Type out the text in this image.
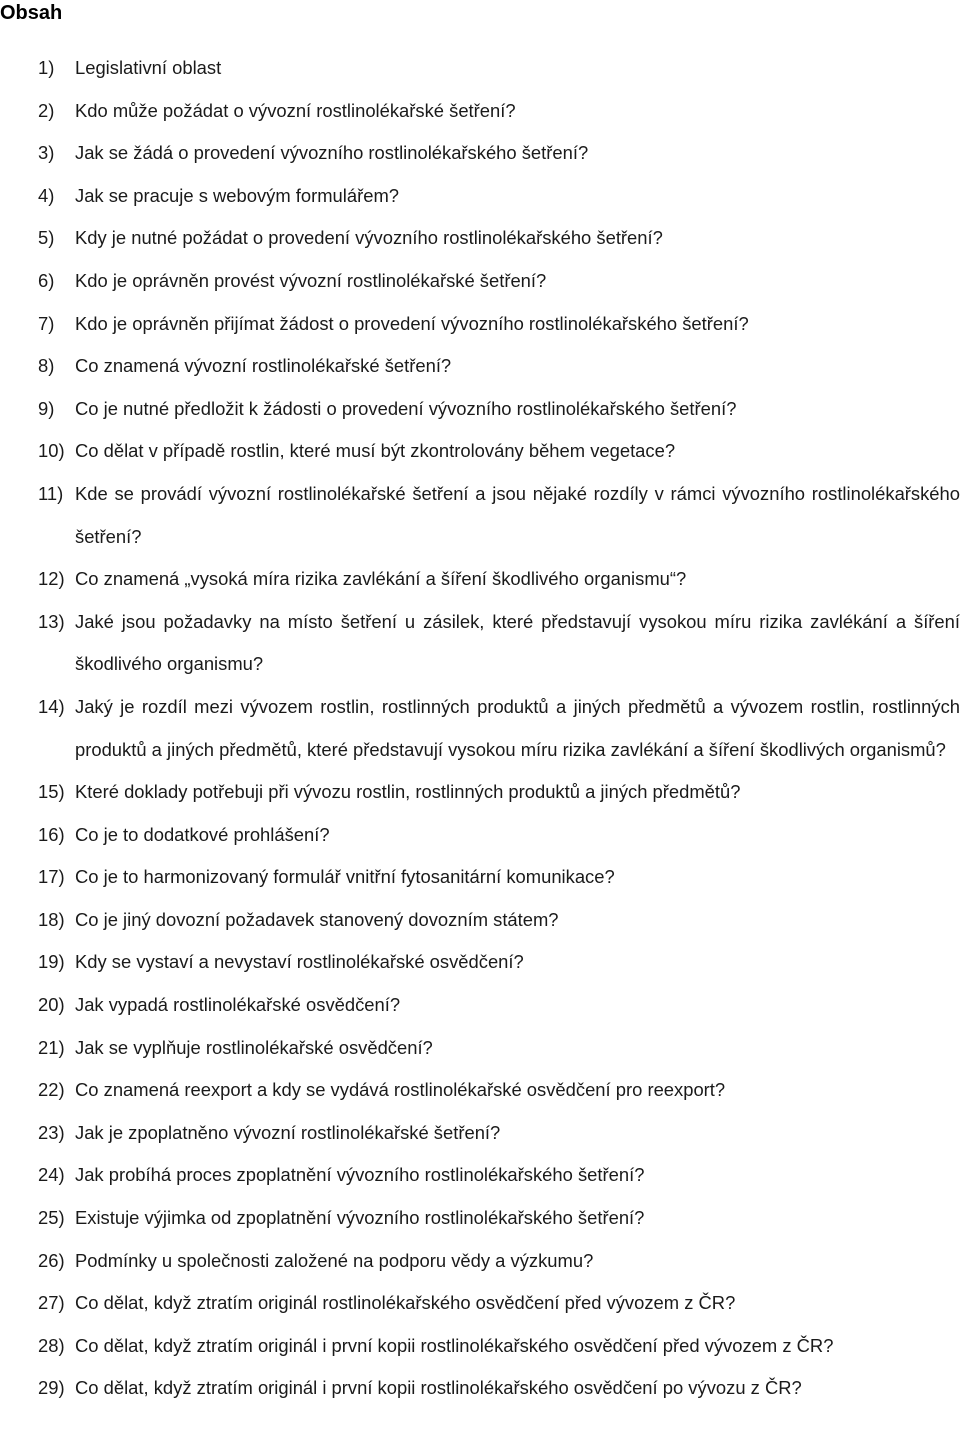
Obsah
1) Legislativní oblast
2) Kdo může požádat o vývozní rostlinolékařské šetření?
3) Jak se žádá o provedení vývozního rostlinolékařského šetření?
4) Jak se pracuje s webovým formulářem?
5) Kdy je nutné požádat o provedení vývozního rostlinolékařského šetření?
6) Kdo je oprávněn provést vývozní rostlinolékařské šetření?
7) Kdo je oprávněn přijímat žádost o provedení vývozního rostlinolékařského šetření?
8) Co znamená vývozní rostlinolékařské šetření?
9) Co je nutné předložit k žádosti o provedení vývozního rostlinolékařského šetření?
10) Co dělat v případě rostlin, které musí být zkontrolovány během vegetace?
11) Kde se provádí vývozní rostlinolékařské šetření a jsou nějaké rozdíly v rámci vývozního rostlinolékařského šetření?
12) Co znamená „vysoká míra rizika zavlékání a šíření škodlivého organismu“?
13) Jaké jsou požadavky na místo šetření u zásilek, které představují vysokou míru rizika zavlékání a šíření škodlivého organismu?
14) Jaký je rozdíl mezi vývozem rostlin, rostlinných produktů a jiných předmětů a vývozem rostlin, rostlinných produktů a jiných předmětů, které představují vysokou míru rizika zavlékání a šíření škodlivých organismů?
15) Které doklady potřebuji při vývozu rostlin, rostlinných produktů a jiných předmětů?
16) Co je to dodatkové prohlášení?
17) Co je to harmonizovaný formulář vnitřní fytosanitární komunikace?
18) Co je jiný dovozní požadavek stanovený dovozním státem?
19) Kdy se vystaví a nevystaví rostlinolékařské osvědčení?
20) Jak vypadá rostlinolékařské osvědčení?
21) Jak se vyplňuje rostlinolékařské osvědčení?
22) Co znamená reexport a kdy se vydává rostlinolékařské osvědčení pro reexport?
23) Jak je zpoplatněno vývozní rostlinolékařské šetření?
24) Jak probíhá proces zpoplatnění vývozního rostlinolékařského šetření?
25) Existuje výjimka od zpoplatnění vývozního rostlinolékařského šetření?
26) Podmínky u společnosti založené na podporu vědy a výzkumu?
27) Co dělat, když ztratím originál rostlinolékařského osvědčení před vývozem z ČR?
28) Co dělat, když ztratím originál i první kopii rostlinolékařského osvědčení před vývozem z ČR?
29) Co dělat, když ztratím originál i první kopii rostlinolékařského osvědčení po vývozu z ČR?
